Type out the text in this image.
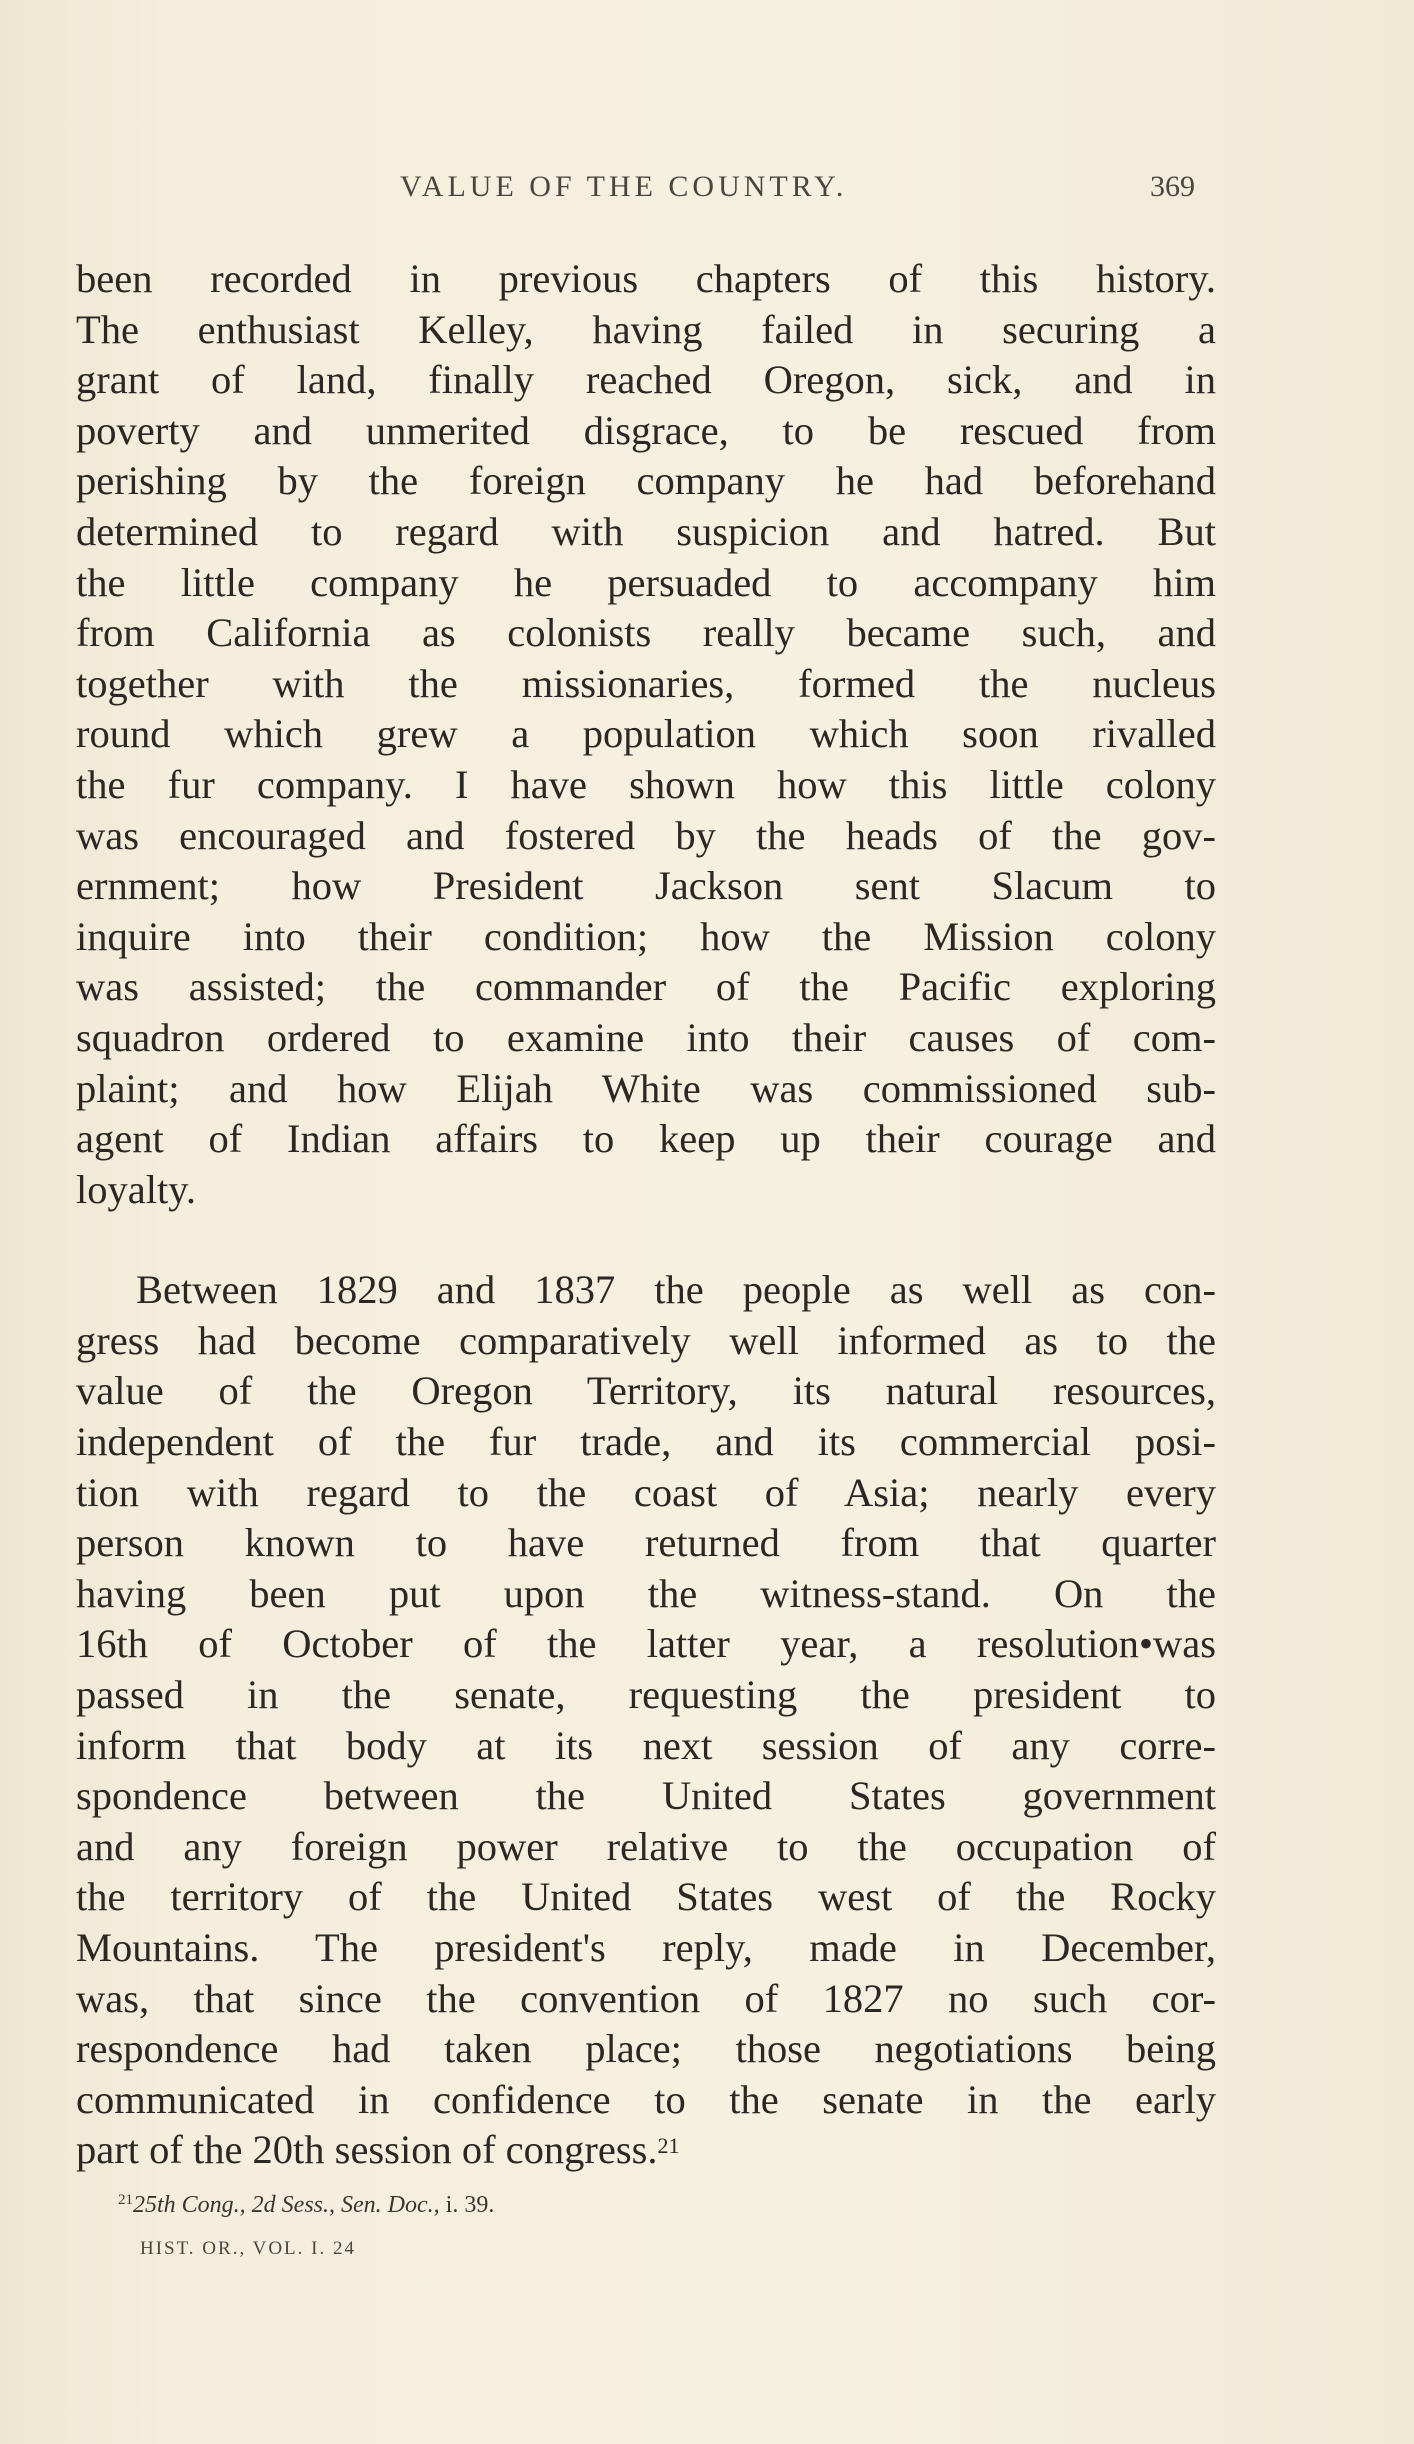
VALUE OF THE COUNTRY.	369
been recorded in previous chapters of this history.
The enthusiast Kelley, having failed in securing a
grant of land, finally reached Oregon, sick, and in
poverty and unmerited disgrace, to be rescued from
perishing by the foreign company he had beforehand
determined to regard with suspicion and hatred. But
the little company he persuaded to accompany him
from California as colonists really became such, and
together with the missionaries, formed the nucleus
round which grew a population which soon rivalled
the fur company. I have shown how this little colony
was encouraged and fostered by the heads of the gov-
ernment; how President Jackson sent Slacum to
inquire into their condition; how the Mission colony
was assisted; the commander of the Pacific exploring
squadron ordered to examine into their causes of com-
plaint; and how Elijah White was commissioned sub-
agent of Indian affairs to keep up their courage and
loyalty.
Between 1829 and 1837 the people as well as con-
gress had become comparatively well informed as to the
value of the Oregon Territory, its natural resources,
independent of the fur trade, and its commercial posi-
tion with regard to the coast of Asia; nearly every
person known to have returned from that quarter
having been put upon the witness-stand. On the
16th of October of the latter year, a resolution•was
passed in the senate, requesting the president to
inform that body at its next session of any corre-
spondence between the United States government
and any foreign power relative to the occupation of
the territory of the United States west of the Rocky
Mountains. The president's reply, made in December,
was, that since the convention of 1827 no such cor-
respondence had taken place; those negotiations being
communicated in confidence to the senate in the early
part of the 20th session of congress.$^{21}$
$^{21}$25th Cong., 2d Sess., Sen. Doc., i. 39.
HIST. OR., VOL. I. 24
